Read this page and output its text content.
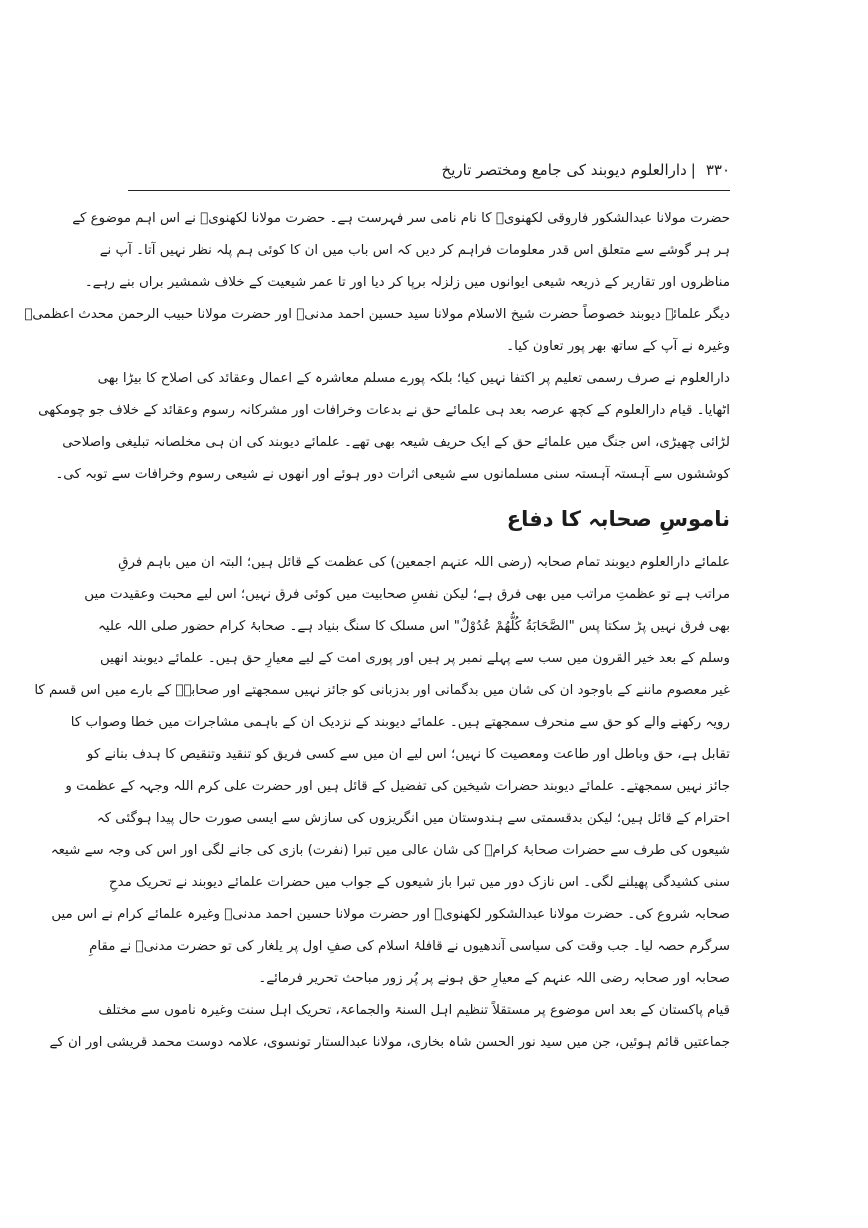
۳۳۰|دارالعلوم دیوبند کی جامع ومختصر تاریخ
حضرت مولانا عبدالشکور فاروقی لکھنویؒ کا نام نامی سر فہرست ہے۔ حضرت مولانا لکھنویؒ نے اس اہم موضوع کے
ہر ہر گوشے سے متعلق اس قدر معلومات فراہم کر دیں کہ اس باب میں ان کا کوئی ہم پلہ نظر نہیں آتا۔ آپ نے
مناظروں اور تقاریر کے ذریعہ شیعی ایوانوں میں زلزلہ برپا کر دیا اور تا عمر شیعیت کے خلاف شمشیر براں بنے رہے۔
دیگر علمائے دیوبند خصوصاً حضرت شیخ الاسلام مولانا سید حسین احمد مدنیؒ اور حضرت مولانا حبیب الرحمن محدث اعظمیؒ
وغیرہ نے آپ کے ساتھ بھر پور تعاون کیا۔
دارالعلوم نے صرف رسمی تعلیم پر اکتفا نہیں کیا؛ بلکہ پورے مسلم معاشرہ کے اعمال وعقائد کی اصلاح کا بیڑا بھی
اٹھایا۔ قیام دارالعلوم کے کچھ عرصہ بعد ہی علمائے حق نے بدعات وخرافات اور مشرکانہ رسوم وعقائد کے خلاف جو چومکھی
لڑائی چھیڑی، اس جنگ میں علمائے حق کے ایک حریف شیعہ بھی تھے۔ علمائے دیوبند کی ان ہی مخلصانہ تبلیغی واصلاحی
کوششوں سے آہستہ آہستہ سنی مسلمانوں سے شیعی اثرات دور ہوئے اور انھوں نے شیعی رسوم وخرافات سے توبہ کی۔
ناموسِ صحابہ کا دفاع
علمائے دارالعلوم دیوبند تمام صحابہ (رضی اللہ عنہم اجمعین) کی عظمت کے قائل ہیں؛ البتہ ان میں باہم فرقِ
مراتب ہے تو عظمتِ مراتب میں بھی فرق ہے؛ لیکن نفسِ صحابیت میں کوئی فرق نہیں؛ اس لیے محبت وعقیدت میں
بھی فرق نہیں پڑ سکتا پس "الصَّحَابَةُ كُلُّهُمْ عُدُوْلٌ" اس مسلک کا سنگ بنیاد ہے۔ صحابۂ کرام حضور صلی اللہ علیہ
وسلم کے بعد خیر القرون میں سب سے پہلے نمبر پر ہیں اور پوری امت کے لیے معیارِ حق ہیں۔ علمائے دیوبند انھیں
غیر معصوم ماننے کے باوجود ان کی شان میں بدگمانی اور بدزبانی کو جائز نہیں سمجھتے اور صحابہؓ کے بارے میں اس قسم کا
رویہ رکھنے والے کو حق سے منحرف سمجھتے ہیں۔ علمائے دیوبند کے نزدیک ان کے باہمی مشاجرات میں خطا وصواب کا
تقابل ہے، حق وباطل اور طاعت ومعصیت کا نہیں؛ اس لیے ان میں سے کسی فریق کو تنقید وتنقیص کا ہدف بنانے کو
جائز نہیں سمجھتے۔ علمائے دیوبند حضرات شیخین کی تفضیل کے قائل ہیں اور حضرت علی کرم اللہ وجہہ کے عظمت و
احترام کے قائل ہیں؛ لیکن بدقسمتی سے ہندوستان میں انگریزوں کی سازش سے ایسی صورت حال پیدا ہوگئی کہ
شیعوں کی طرف سے حضرات صحابۂ کرامؓ کی شان عالی میں تبرا (نفرت) بازی کی جانے لگی اور اس کی وجہ سے شیعہ
سنی کشیدگی پھیلنے لگی۔ اس نازک دور میں تبرا باز شیعوں کے جواب میں حضرات علمائے دیوبند نے تحریک مدحِ
صحابہ شروع کی۔ حضرت مولانا عبدالشکور لکھنویؒ اور حضرت مولانا حسین احمد مدنیؒ وغیرہ علمائے کرام نے اس میں
سرگرم حصہ لیا۔ جب وقت کی سیاسی آندھیوں نے قافلۂ اسلام کی صفِ اول پر یلغار کی تو حضرت مدنیؒ نے مقامِ
صحابہ اور صحابہ رضی اللہ عنہم کے معیارِ حق ہونے پر پُر زور مباحث تحریر فرمائے۔
قیام پاکستان کے بعد اس موضوع پر مستقلاً تنظیم اہل السنۃ والجماعۃ، تحریک اہل سنت وغیرہ ناموں سے مختلف
جماعتیں قائم ہوئیں، جن میں سید نور الحسن شاہ بخاری، مولانا عبدالستار تونسوی، علامہ دوست محمد قریشی اور ان کے
